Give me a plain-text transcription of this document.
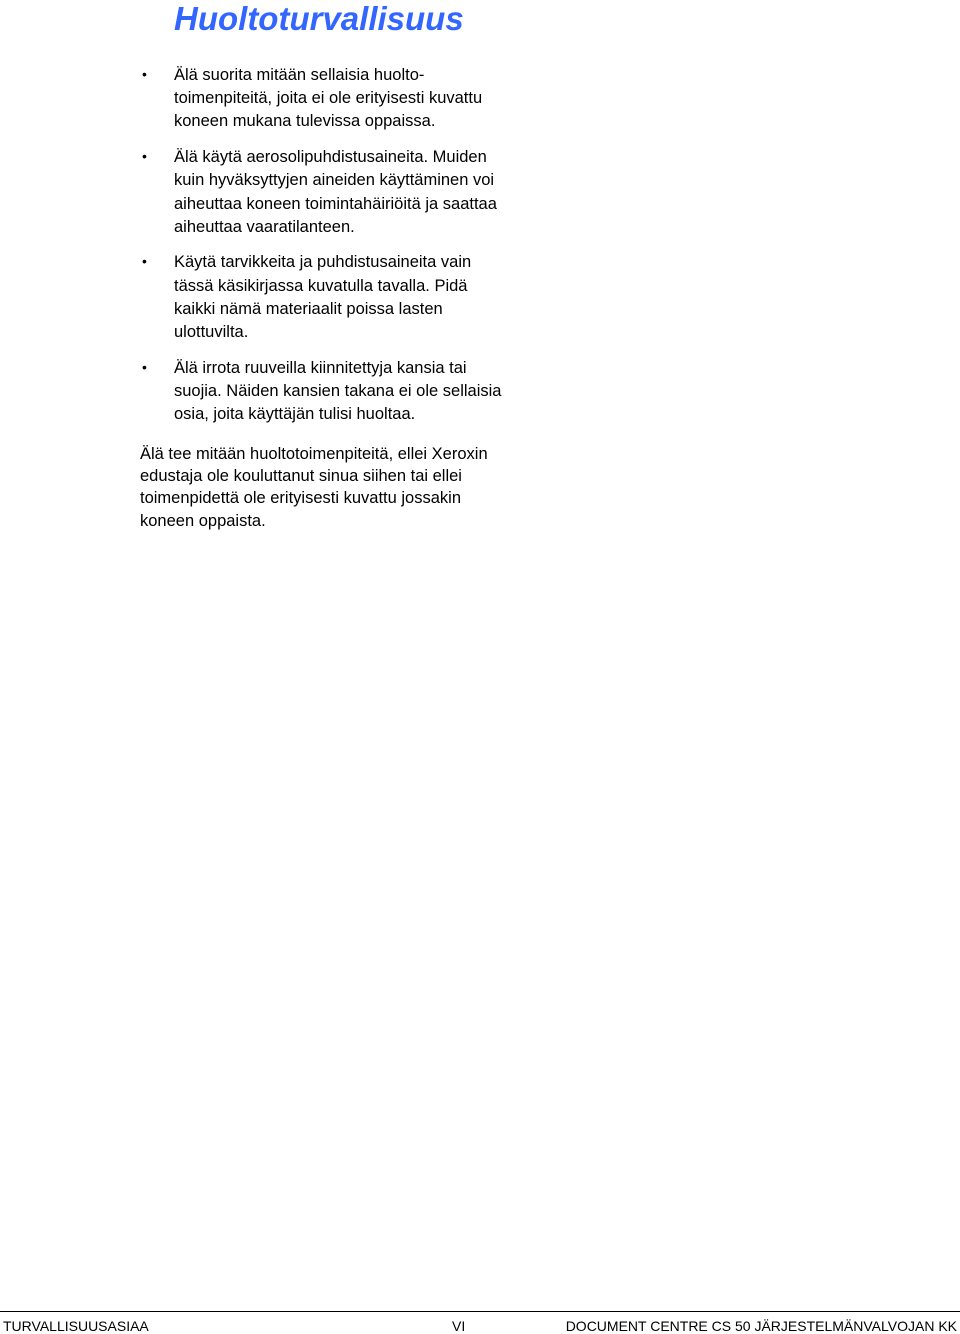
Huoltoturvallisuus
• Älä suorita mitään sellaisia huolto-
toimenpiteitä, joita ei ole erityisesti kuvattu
koneen mukana tulevissa oppaissa.
• Älä käytä aerosolipuhdistusaineita. Muiden
kuin hyväksyttyjen aineiden käyttäminen voi
aiheuttaa koneen toimintahäiriöitä ja saattaa
aiheuttaa vaaratilanteen.
• Käytä tarvikkeita ja puhdistusaineita vain
tässä käsikirjassa kuvatulla tavalla. Pidä
kaikki nämä materiaalit poissa lasten
ulottuvilta.
• Älä irrota ruuveilla kiinnitettyja kansia tai
suojia. Näiden kansien takana ei ole sellaisia
osia, joita käyttäjän tulisi huoltaa.
Älä tee mitään huoltotoimenpiteitä, ellei Xeroxin
edustaja ole kouluttanut sinua siihen tai ellei
toimenpidettä ole erityisesti kuvattu jossakin
koneen oppaista.
TURVALLISUUSASIAA	VI	DOCUMENT CENTRE CS 50 JÄRJESTELMÄNVALVOJAN KK
